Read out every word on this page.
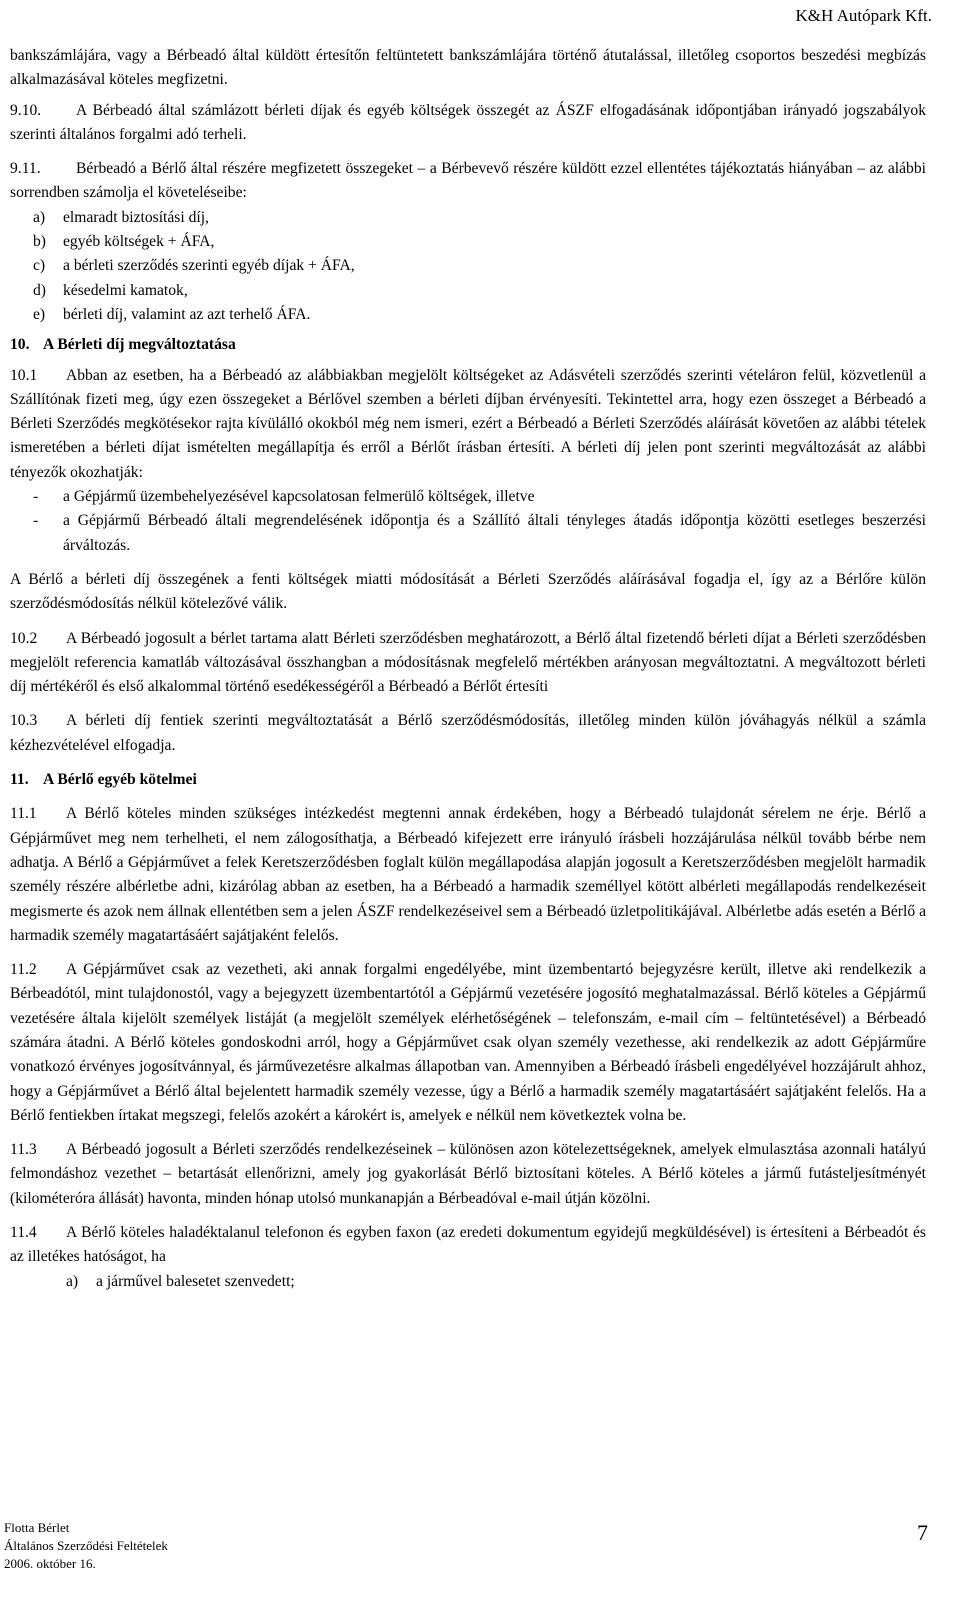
K&H Autópark Kft.

bankszámlájára, vagy a Bérbeadó által küldött értesítőn feltüntetett bankszámlájára történő átutalással, illetőleg csoportos beszedési megbízás alkalmazásával köteles megfizetni.

9.10. A Bérbeadó által számlázott bérleti díjak és egyéb költségek összegét az ÁSZF elfogadásának időpontjában irányadó jogszabályok szerinti általános forgalmi adó terheli.

9.11. Bérbeadó a Bérlő által részére megfizetett összegeket – a Bérbevevő részére küldött ezzel ellentétes tájékoztatás hiányában – az alábbi sorrendben számolja el követeléseibe:

a)	elmaradt biztosítási díj,
b)	egyéb költségek + ÁFA,
c)	a bérleti szerződés szerinti egyéb díjak + ÁFA,
d)	késedelmi kamatok,
e)	bérleti díj, valamint az azt terhelő ÁFA.

10. A Bérleti díj megváltoztatása

10.1 Abban az esetben, ha a Bérbeadó az alábbiakban megjelölt költségeket az Adásvételi szerződés szerinti vételáron felül, közvetlenül a Szállítónak fizeti meg, úgy ezen összegeket a Bérlővel szemben a bérleti díjban érvényesíti. Tekintettel arra, hogy ezen összeget a Bérbeadó a Bérleti Szerződés megkötésekor rajta kívülálló okokból még nem ismeri, ezért a Bérbeadó a Bérleti Szerződés aláírását követően az alábbi tételek ismeretében a bérleti díjat ismételten megállapítja és erről a Bérlőt írásban értesíti. A bérleti díj jelen pont szerinti megváltozását az alábbi tényezők okozhatják:

-	a Gépjármű üzembehelyezésével kapcsolatosan felmerülő költségek, illetve
-	a Gépjármű Bérbeadó általi megrendelésének időpontja és a Szállító általi tényleges átadás időpontja közötti esetleges beszerzési árváltozás.

A Bérlő a bérleti díj összegének a fenti költségek miatti módosítását a Bérleti Szerződés aláírásával fogadja el, így az a Bérlőre külön szerződésmódosítás nélkül kötelezővé válik.

10.2 A Bérbeadó jogosult a bérlet tartama alatt Bérleti szerződésben meghatározott, a Bérlő által fizetendő bérleti díjat a Bérleti szerződésben megjelölt referencia kamatláb változásával összhangban a módosításnak megfelelő mértékben arányosan megváltoztatni. A megváltozott bérleti díj mértékéről és első alkalommal történő esedékességéről a Bérbeadó a Bérlőt értesíti

10.3 A bérleti díj fentiek szerinti megváltoztatását a Bérlő szerződésmódosítás, illetőleg minden külön jóváhagyás nélkül a számla kézhezvételével elfogadja.

11. A Bérlő egyéb kötelmei

11.1 A Bérlő köteles minden szükséges intézkedést megtenni annak érdekében, hogy a Bérbeadó tulajdonát sérelem ne érje. Bérlő a Gépjárművet meg nem terhelheti, el nem zálogosíthatja, a Bérbeadó kifejezett erre irányuló írásbeli hozzájárulása nélkül tovább bérbe nem adhatja. A Bérlő a Gépjárművet a felek Keretszerződésben foglalt külön megállapodása alapján jogosult a Keretszerződésben megjelölt harmadik személy részére albérletbe adni, kizárólag abban az esetben, ha a Bérbeadó a harmadik személlyel kötött albérleti megállapodás rendelkezéseit megismerte és azok nem állnak ellentétben sem a jelen ÁSZF rendelkezéseivel sem a Bérbeadó üzletpolitikájával. Albérletbe adás esetén a Bérlő a harmadik személy magatartásáért sajátjaként felelős.

11.2 A Gépjárművet csak az vezetheti, aki annak forgalmi engedélyébe, mint üzembentartó bejegyzésre került, illetve aki rendelkezik a Bérbeadótól, mint tulajdonostól, vagy a bejegyzett üzembentartótól a Gépjármű vezetésére jogosító meghatalmazással. Bérlő köteles a Gépjármű vezetésére általa kijelölt személyek listáját (a megjelölt személyek elérhetőségének – telefonszám, e-mail cím – feltüntetésével) a Bérbeadó számára átadni. A Bérlő köteles gondoskodni arról, hogy a Gépjárművet csak olyan személy vezethesse, aki rendelkezik az adott Gépjárműre vonatkozó érvényes jogosítvánnyal, és járművezetésre alkalmas állapotban van. Amennyiben a Bérbeadó írásbeli engedélyével hozzájárult ahhoz, hogy a Gépjárművet a Bérlő által bejelentett harmadik személy vezesse, úgy a Bérlő a harmadik személy magatartásáért sajátjaként felelős. Ha a Bérlő fentiekben írtakat megszegi, felelős azokért a károkért is, amelyek e nélkül nem következtek volna be.

11.3 A Bérbeadó jogosult a Bérleti szerződés rendelkezéseinek – különösen azon kötelezettségeknek, amelyek elmulasztása azonnali hatályú felmondáshoz vezethet – betartását ellenőrizni, amely jog gyakorlását Bérlő biztosítani köteles. A Bérlő köteles a jármű futásteljesítményét (kilométeróra állását) havonta, minden hónap utolsó munkanapján a Bérbeadóval e-mail útján közölni.

11.4 A Bérlő köteles haladéktalanul telefonon és egyben faxon (az eredeti dokumentum egyidejű megküldésével) is értesíteni a Bérbeadót és az illetékes hatóságot, ha

a)	a járművel balesetet szenvedett;
Flotta Bérlet
Általános Szerződési Feltételek
2006. október 16.
7
